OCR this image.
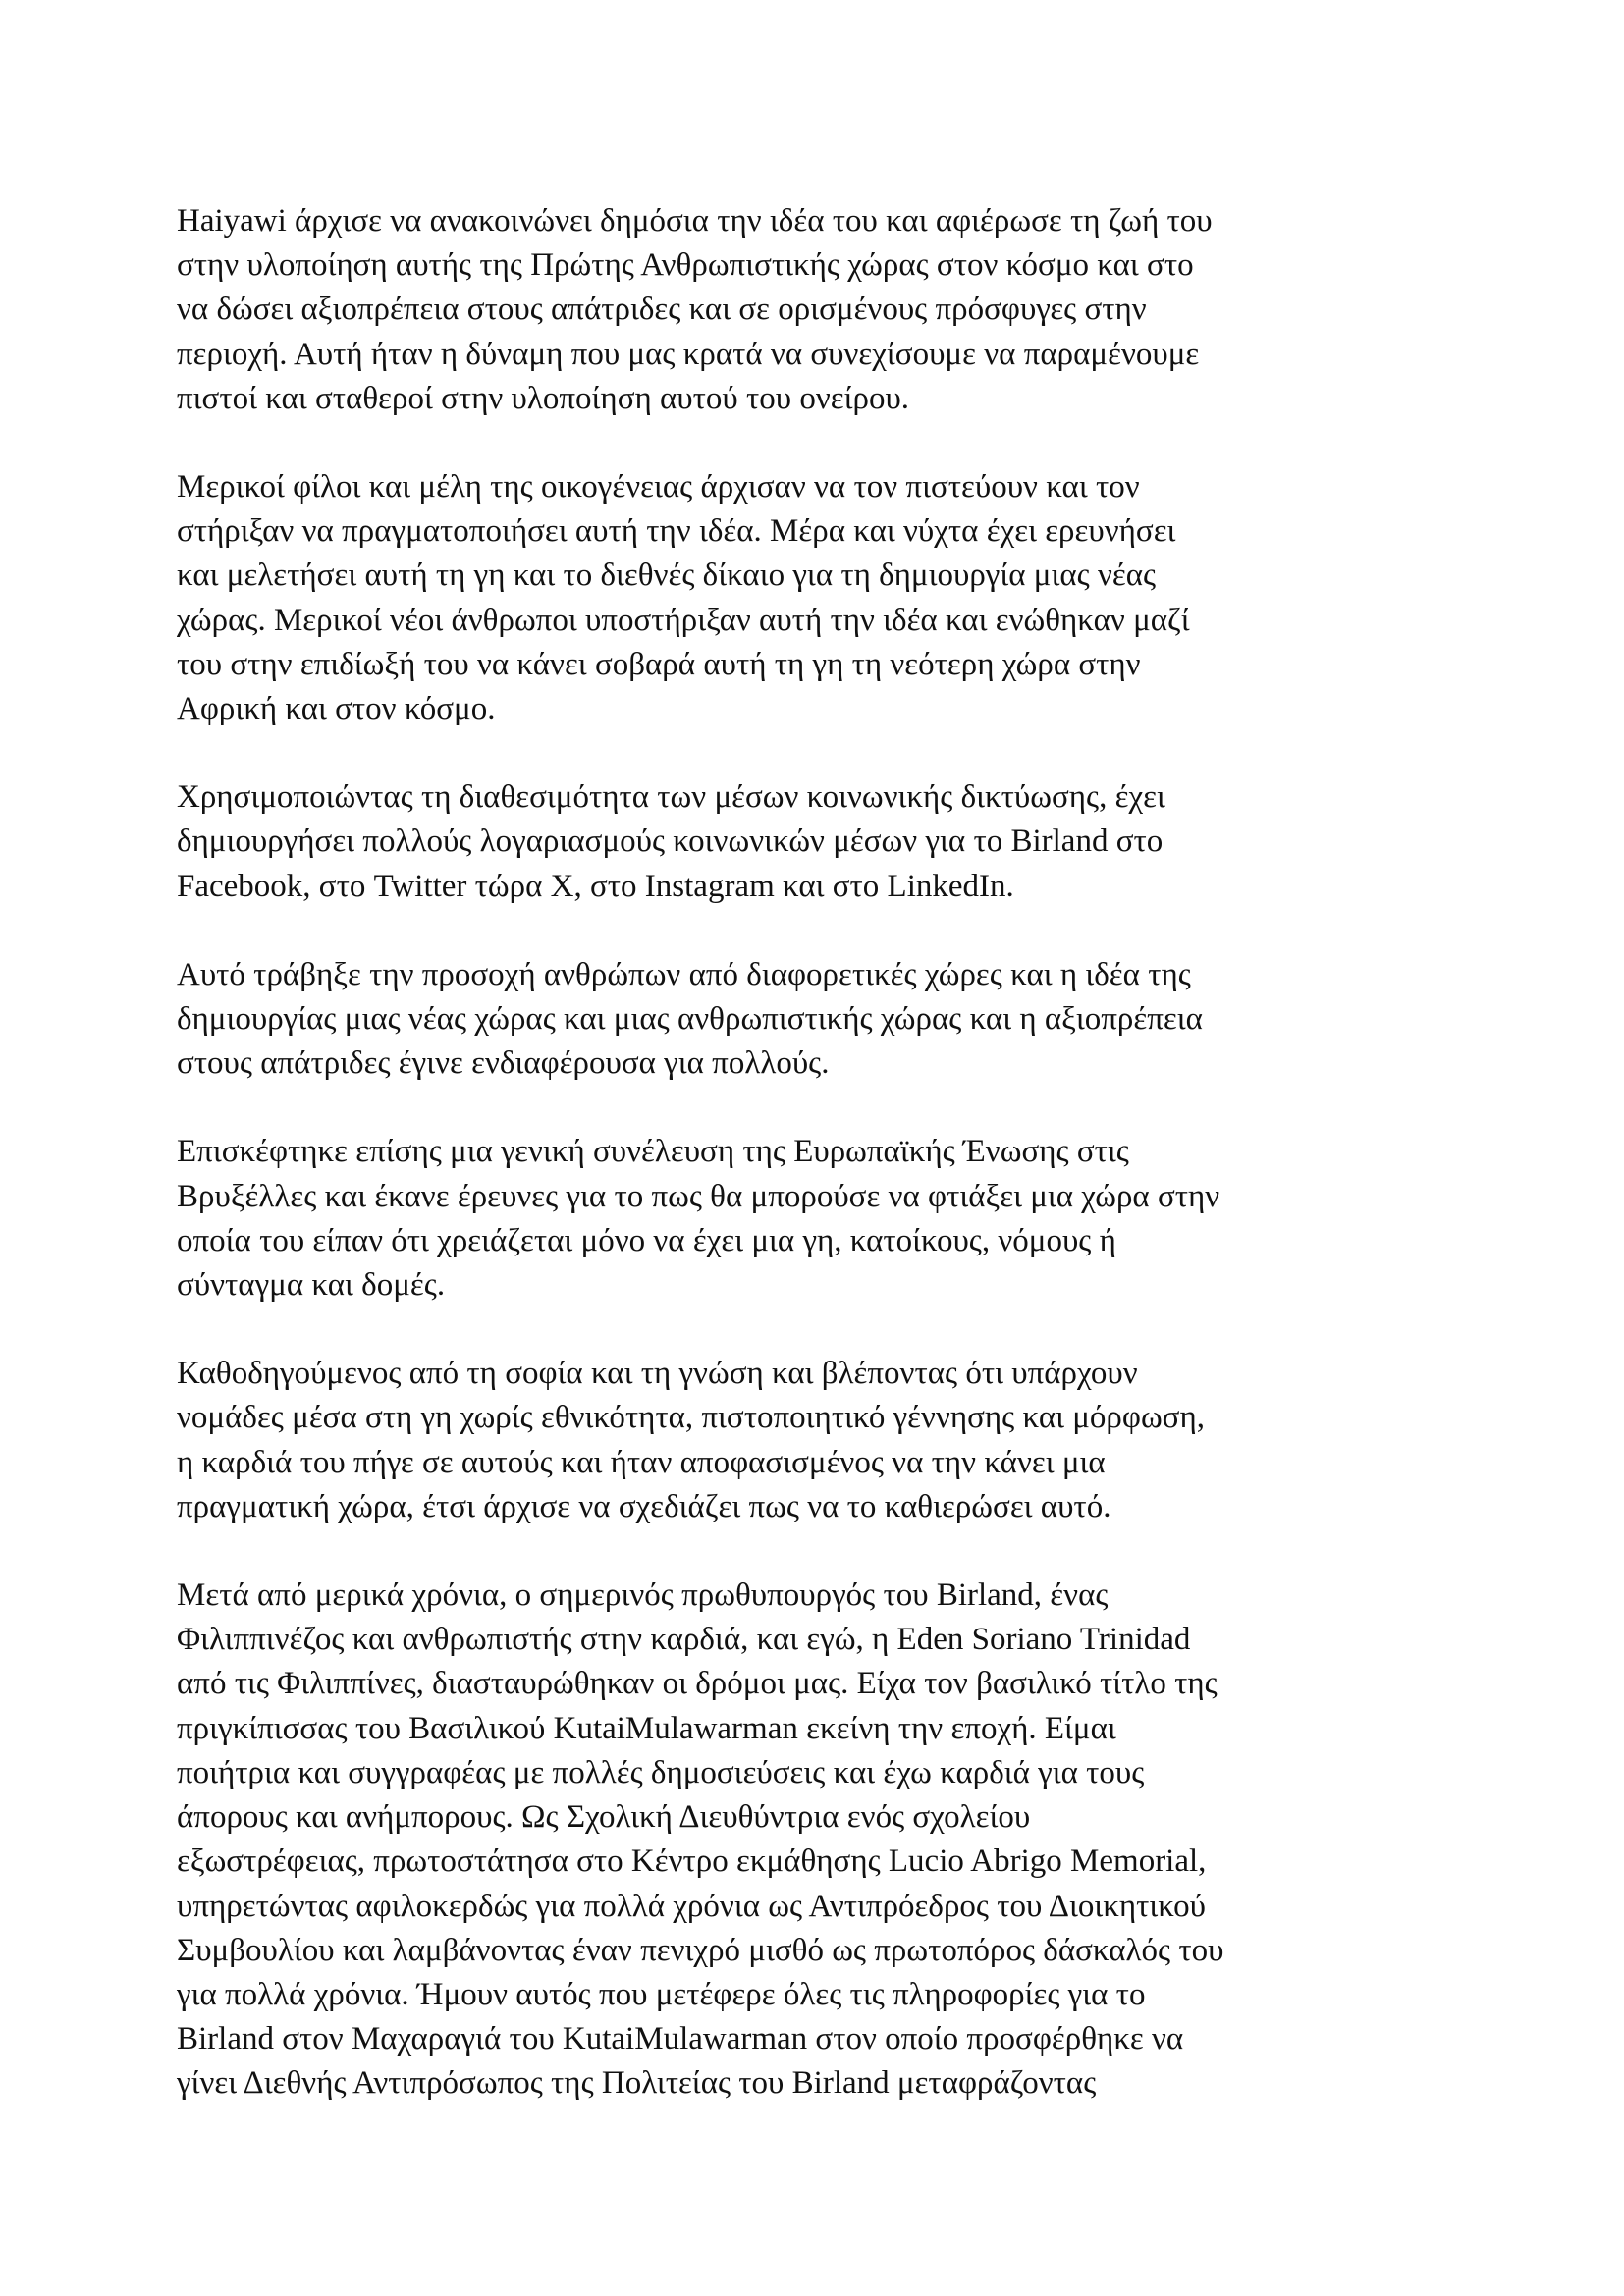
Haiyawi άρχισε να ανακοινώνει δημόσια την ιδέα του και αφιέρωσε τη ζωή του
στην υλοποίηση αυτής της Πρώτης Ανθρωπιστικής χώρας στον κόσμο και στο
να δώσει αξιοπρέπεια στους απάτριδες και σε ορισμένους πρόσφυγες στην
περιοχή. Αυτή ήταν η δύναμη που μας κρατά να συνεχίσουμε να παραμένουμε
πιστοί και σταθεροί στην υλοποίηση αυτού του ονείρου.

Μερικοί φίλοι και μέλη της οικογένειας άρχισαν να τον πιστεύουν και τον
στήριξαν να πραγματοποιήσει αυτή την ιδέα. Μέρα και νύχτα έχει ερευνήσει
και μελετήσει αυτή τη γη και το διεθνές δίκαιο για τη δημιουργία μιας νέας
χώρας. Μερικοί νέοι άνθρωποι υποστήριξαν αυτή την ιδέα και ενώθηκαν μαζί
του στην επιδίωξή του να κάνει σοβαρά αυτή τη γη τη νεότερη χώρα στην
Αφρική και στον κόσμο.

Χρησιμοποιώντας τη διαθεσιμότητα των μέσων κοινωνικής δικτύωσης, έχει
δημιουργήσει πολλούς λογαριασμούς κοινωνικών μέσων για το Birland στο
Facebook, στο Twitter τώρα X, στο Instagram και στο LinkedIn.

Αυτό τράβηξε την προσοχή ανθρώπων από διαφορετικές χώρες και η ιδέα της
δημιουργίας μιας νέας χώρας και μιας ανθρωπιστικής χώρας και η αξιοπρέπεια
στους απάτριδες έγινε ενδιαφέρουσα για πολλούς.

Επισκέφτηκε επίσης μια γενική συνέλευση της Ευρωπαϊκής Ένωσης στις
Βρυξέλλες και έκανε έρευνες για το πως θα μπορούσε να φτιάξει μια χώρα στην
οποία του είπαν ότι χρειάζεται μόνο να έχει μια γη, κατοίκους, νόμους ή
σύνταγμα και δομές.

Καθοδηγούμενος από τη σοφία και τη γνώση και βλέποντας ότι υπάρχουν
νομάδες μέσα στη γη χωρίς εθνικότητα, πιστοποιητικό γέννησης και μόρφωση,
η καρδιά του πήγε σε αυτούς και ήταν αποφασισμένος να την κάνει μια
πραγματική χώρα, έτσι άρχισε να σχεδιάζει πως να το καθιερώσει αυτό.

Μετά από μερικά χρόνια, ο σημερινός πρωθυπουργός του Birland, ένας
Φιλιππινέζος και ανθρωπιστής στην καρδιά, και εγώ, η Eden Soriano Trinidad
από τις Φιλιππίνες, διασταυρώθηκαν οι δρόμοι μας. Είχα τον βασιλικό τίτλο της
πριγκίπισσας του Βασιλικού KutaiMulawarman εκείνη την εποχή. Είμαι
ποιήτρια και συγγραφέας με πολλές δημοσιεύσεις και έχω καρδιά για τους
άπορους και ανήμπορους. Ως Σχολική Διευθύντρια ενός σχολείου
εξωστρέφειας, πρωτοστάτησα στο Κέντρο εκμάθησης Lucio Abrigo Memorial,
υπηρετώντας αφιλοκερδώς για πολλά χρόνια ως Αντιπρόεδρος του Διοικητικού
Συμβουλίου και λαμβάνοντας έναν πενιχρό μισθό ως πρωτοπόρος δάσκαλός του
για πολλά χρόνια. Ήμουν αυτός που μετέφερε όλες τις πληροφορίες για το
Birland στον Μαχαραγιά του KutaiMulawarman στον οποίο προσφέρθηκε να
γίνει Διεθνής Αντιπρόσωπος της Πολιτείας του Birland μεταφράζοντας
